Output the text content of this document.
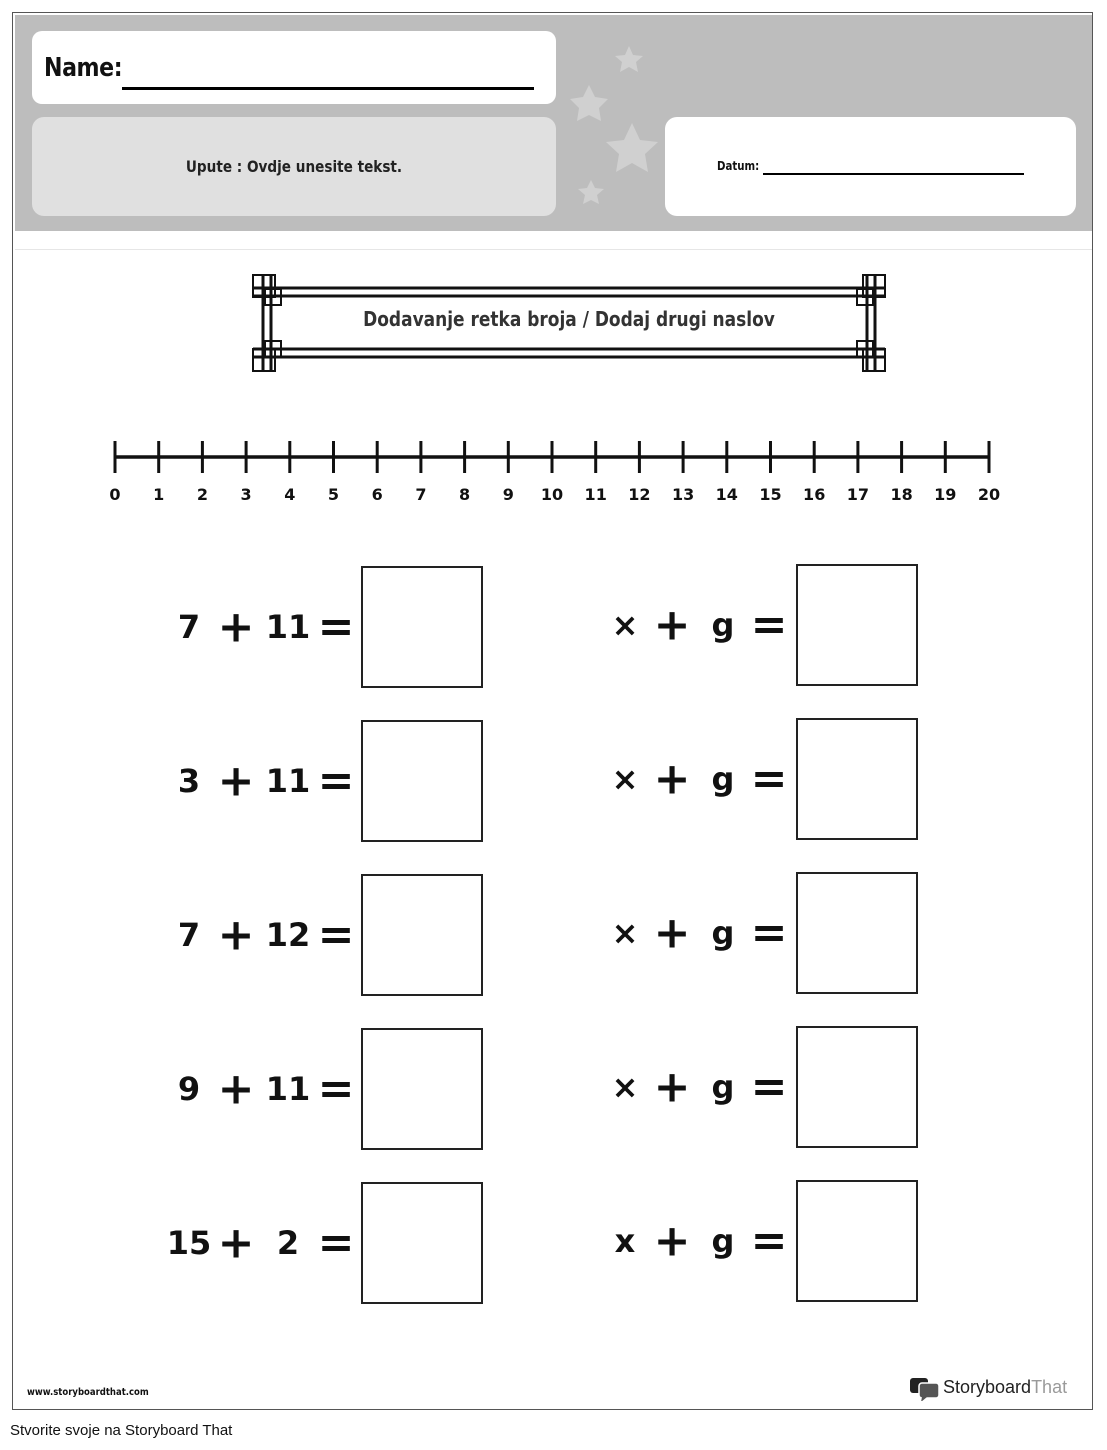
Name:
Upute : Ovdje unesite tekst.	Datum:
Dodavanje retka broja / Dodaj drugi naslov
0 1 2 3 4 5 6 7 8 9 10 11 12 13 14 15 16 17 18 19 20
7 + 11 =
3 + 11 =
7 + 12 =
9 + 11 =
15 + 2 =
× + g =
× + g =
× + g =
× + g =
x + g =
www.storyboardthat.com	StoryboardThat
Stvorite svoje na Storyboard That
